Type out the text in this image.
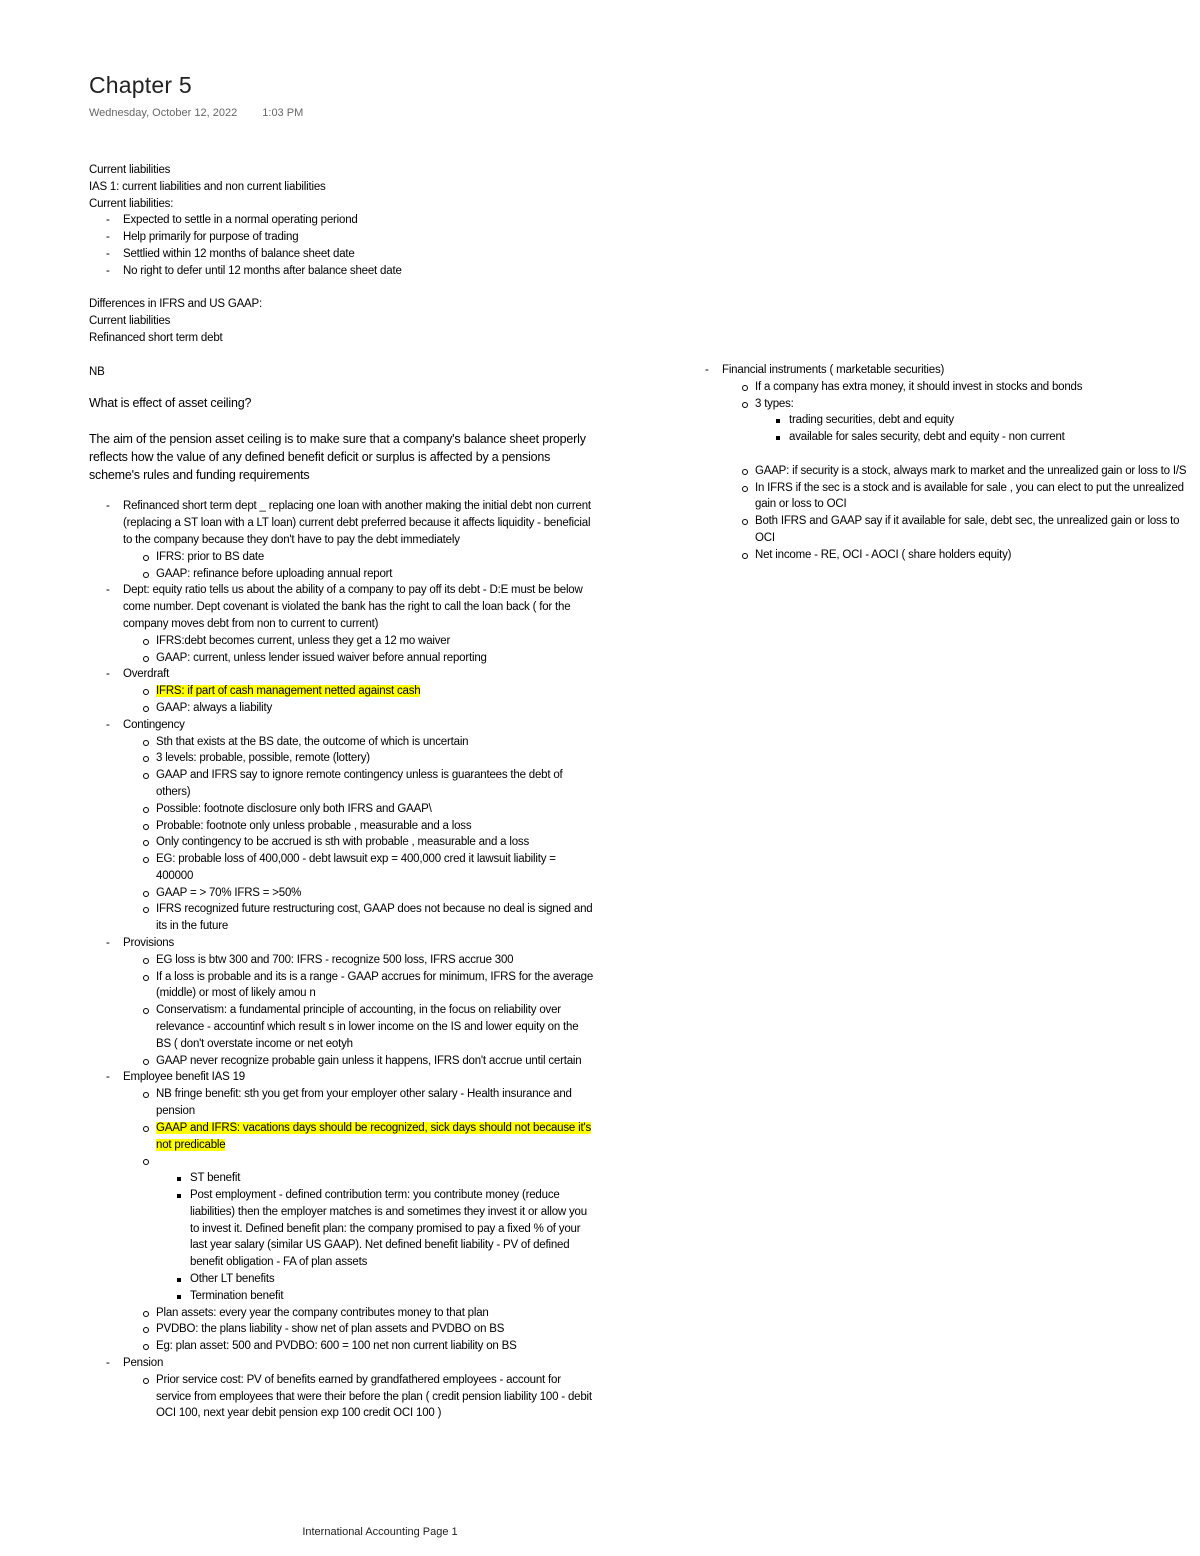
Chapter 5
Wednesday, October 12, 2022 1:03 PM

Current liabilities

IAS 1: current liabilities and non current liabilities

Current liabilities:

- Expected to settle in a normal operating periond
- Help primarily for purpose of trading
- Settlied within 12 months of balance sheet date
- No right to defer until 12 months after balance sheet date

Differences in IFRS and US GAAP:

Current liabilities

Refinanced short term debt

NB

What is effect of asset ceiling?

The aim of the pension asset ceiling is to make sure that a company's balance sheet properly reflects how the value of any defined benefit deficit or surplus is affected by a pensions scheme's rules and funding requirements

- Refinanced short term dept _ replacing one loan with another making the initial debt non current (replacing a ST loan with a LT loan) current debt preferred because it affects liquidity - beneficial to the company because they don't have to pay the debt immediately
IFRS: prior to BS date
GAAP: refinance before uploading annual report
- Dept: equity ratio tells us about the ability of a company to pay off its debt - D:E must be below come number. Dept covenant is violated the bank has the right to call the loan back ( for the company moves debt from non to current to current)
IFRS:debt becomes current, unless they get a 12 mo waiver
GAAP: current, unless lender issued waiver before annual reporting
- Overdraft
IFRS: if part of cash management netted against cash
GAAP: always a liability
- Contingency
Sth that exists at the BS date, the outcome of which is uncertain
3 levels: probable, possible, remote (lottery)
GAAP and IFRS say to ignore remote contingency unless is guarantees the debt of others)
Possible: footnote disclosure only both IFRS and GAAP\
Probable: footnote only unless probable , measurable and a loss
Only contingency to be accrued is sth with probable , measurable and a loss
EG: probable loss of 400,000 - debt lawsuit exp = 400,000 cred it lawsuit liability = 400000
GAAP = > 70% IFRS = >50%
IFRS recognized future restructuring cost, GAAP does not because no deal is signed and its in the future
- Provisions
EG loss is btw 300 and 700: IFRS - recognize 500 loss, IFRS accrue 300
If a loss is probable and its is a range - GAAP accrues for minimum, IFRS for the average (middle) or most of likely amou n
Conservatism: a fundamental principle of accounting, in the focus on reliability over relevance - accountinf which result s in lower income on the IS and lower equity on the BS ( don't overstate income or net eotyh
GAAP never recognize probable gain unless it happens, IFRS don't accrue until certain
- Employee benefit IAS 19
NB fringe benefit: sth you get from your employer other salary - Health insurance and pension
GAAP and IFRS: vacations days should be recognized, sick days should not because it's not predicable

ST benefit
Post employment - defined contribution term: you contribute money (reduce liabilities) then the employer matches is and sometimes they invest it or allow you to invest it. Defined benefit plan: the company promised to pay a fixed % of your last year salary (similar US GAAP). Net defined benefit liability - PV of defined benefit obligation - FA of plan assets
Other LT benefits
Termination benefit
Plan assets: every year the company contributes money to that plan
PVDBO: the plans liability - show net of plan assets and PVDBO on BS
Eg: plan asset: 500 and PVDBO: 600 = 100 net non current liability on BS
- Pension
Prior service cost: PV of benefits earned by grandfathered employees - account for service from employees that were their before the plan ( credit pension liability 100 - debit OCI 100, next year debit pension exp 100 credit OCI 100 )
- Financial instruments ( marketable securities)
If a company has extra money, it should invest in stocks and bonds
3 types:
trading securities, debt and equity
available for sales security, debt and equity - non current
GAAP: if security is a stock, always mark to market and the unrealized gain or loss to I/S
In IFRS if the sec is a stock and is available for sale , you can elect to put the unrealized gain or loss to OCI
Both IFRS and GAAP say if it available for sale, debt sec, the unrealized gain or loss to OCI
Net income - RE, OCI - AOCI ( share holders equity)
International Accounting Page 1
